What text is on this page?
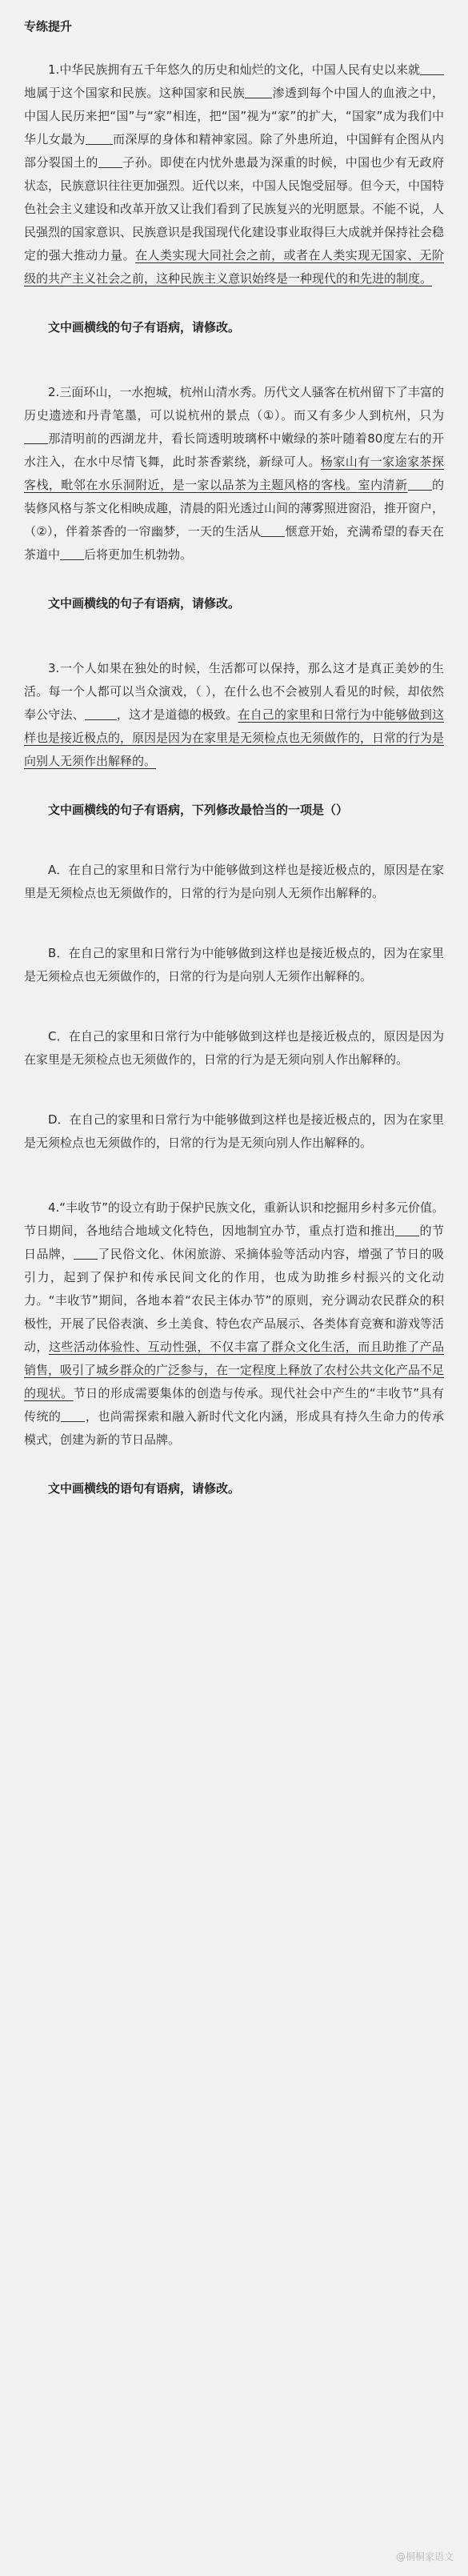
专练提升

1.中华民族拥有五千年悠久的历史和灿烂的文化，中国人民有史以来就地属于这个国家和民族。这种国家和民族 渗透到每个中国人的血液之中，中国人民历来把“国”与“家”相连，把“国”视为“家”的扩大，“国家”成为我们中华儿女最为 而深厚的身体和精神家园。除了外患所迫，中国鲜有企图从内部分裂国土的 子孙。即使在内忧外患最为深重的时候，中国也少有无政府状态，民族意识往往更加强烈。近代以来，中国人民饱受屈辱。但今天，中国特色社会主义建设和改革开放又让我们看到了民族复兴的光明愿景。不能不说，人民强烈的国家意识、民族意识是我国现代化建设事业取得巨大成就并保持社会稳定的强大推动力量。在人类实现大同社会之前，或者在人类实现无国家、无阶级的共产主义社会之前，这种民族主义意识始终是一种现代的和先进的制度。

文中画横线的句子有语病，请修改。

2.三面环山，一水抱城，杭州山清水秀。历代文人骚客在杭州留下了丰富的历史遗迹和丹青笔墨，可以说杭州的景点（①）。而又有多少人到杭州，只为那清明前的西湖龙井，看长筒透明玻璃杯中嫩绿的茶叶随着80度左右的开水注入，在水中尽情飞舞，此时茶香萦绕，新绿可人。杨家山有一家途家茶探客栈，毗邻在水乐洞附近，是一家以品茶为主题风格的客栈。室内清新 的装修风格与茶文化相映成趣，清晨的阳光透过山间的薄雾照进窗沿，推开窗户，（②），伴着茶香的一帘幽梦，一天的生活从 惬意开始，充满希望的春天在茶道中 后将更加生机勃勃。

文中画横线的句子有语病，请修改。

3.一个人如果在独处的时候，生活都可以保持，那么这才是真正美妙的生活。每一个人都可以当众演戏，（ ），在什么也不会被别人看见的时候，却依然奉公守法、	，这才是道德的极致。在自己的家里和日常行为中能够做到这样也是接近极点的，原因是因为在家里是无须检点也无须做作的，日常的行为是向别人无须作出解释的。

文中画横线的句子有语病，下列修改最恰当的一项是（）

A．在自己的家里和日常行为中能够做到这样也是接近极点的，原因是在家里是无须检点也无须做作的，日常的行为是向别人无须作出解释的。

B．在自己的家里和日常行为中能够做到这样也是接近极点的，因为在家里是无须检点也无须做作的，日常的行为是向别人无须作出解释的。

C．在自己的家里和日常行为中能够做到这样也是接近极点的，原因是因为在家里是无须检点也无须做作的，日常的行为是无须向别人作出解释的。

D．在自己的家里和日常行为中能够做到这样也是接近极点的，因为在家里是无须检点也无须做作的，日常的行为是无须向别人作出解释的。

4.“丰收节”的设立有助于保护民族文化，重新认识和挖掘用乡村多元价值。节日期间，各地结合地域文化特色，因地制宜办节，重点打造和推出 的节日品牌， 了民俗文化、休闲旅游、采摘体验等活动内容，增强了节日的吸引力，起到了保护和传承民间文化的作用，也成为助推乡村振兴的文化动力。“丰收节”期间，各地本着“农民主体办节”的原则，充分调动农民群众的积极性，开展了民俗表演、乡土美食、特色农产品展示、各类体育竞赛和游戏等活动，这些活动体验性、互动性强，不仅丰富了群众文化生活，而且助推了产品销售，吸引了城乡群众的广泛参与，在一定程度上释放了农村公共文化产品不足的现状。节日的形成需要集体的创造与传承。现代社会中产生的“丰收节”具有传统的 ，也尚需探索和融入新时代文化内涵，形成具有持久生命力的传承模式，创建为新的节日品牌。

文中画横线的语句有语病，请修改。

@桐桐家语文
